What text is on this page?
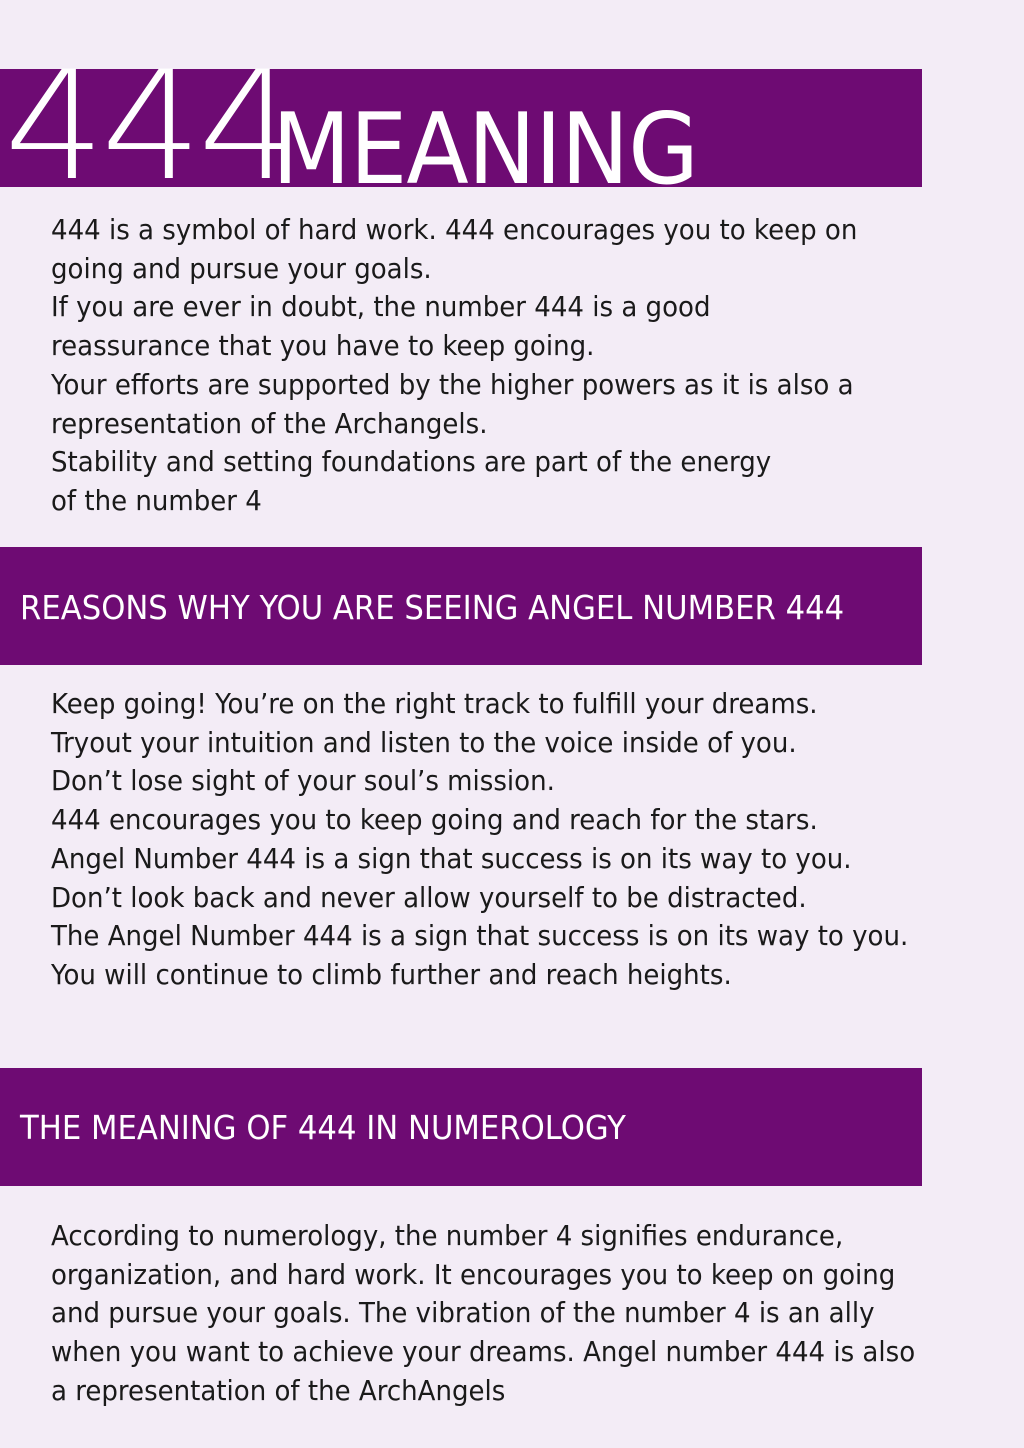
444
MEANING
444 is a symbol of hard work. 444 encourages you to keep on
going and pursue your goals.
If you are ever in doubt, the number 444 is a good
reassurance that you have to keep going.
Your efforts are supported by the higher powers as it is also a
representation of the Archangels.
Stability and setting foundations are part of the energy
of the number 4
REASONS WHY YOU ARE SEEING ANGEL NUMBER 444
Keep going! You’re on the right track to fulfill your dreams.
Tryout your intuition and listen to the voice inside of you.
Don’t lose sight of your soul’s mission.
444 encourages you to keep going and reach for the stars.
Angel Number 444 is a sign that success is on its way to you.
Don’t look back and never allow yourself to be distracted.
The Angel Number 444 is a sign that success is on its way to you.
You will continue to climb further and reach heights.
THE MEANING OF 444 IN NUMEROLOGY
According to numerology, the number 4 signifies endurance,
organization, and hard work. It encourages you to keep on going
and pursue your goals. The vibration of the number 4 is an ally
when you want to achieve your dreams. Angel number 444 is also
a representation of the ArchAngels
